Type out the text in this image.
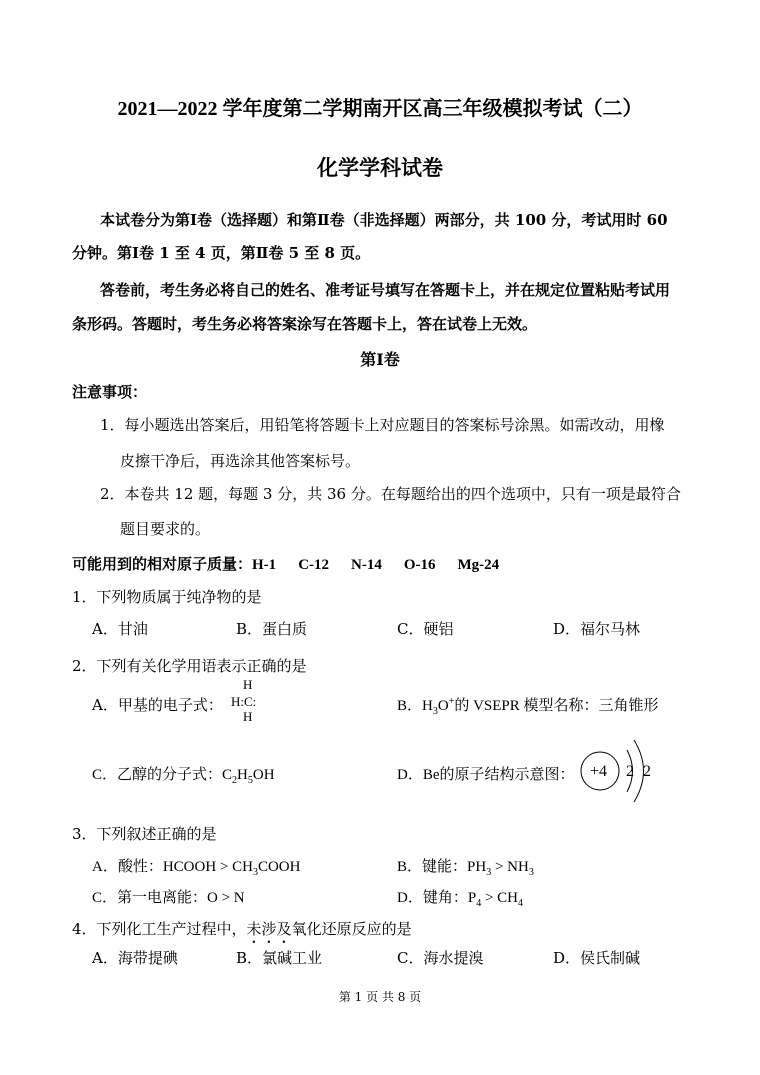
2021—2022 学年度第二学期南开区高三年级模拟考试（二）
化学学科试卷
本试卷分为第Ⅰ卷（选择题）和第Ⅱ卷（非选择题）两部分，共 100 分，考试用时 60
分钟。第Ⅰ卷 1 至 4 页，第Ⅱ卷 5 至 8 页。
答卷前，考生务必将自己的姓名、准考证号填写在答题卡上，并在规定位置粘贴考试用
条形码。答题时，考生务必将答案涂写在答题卡上，答在试卷上无效。
第Ⅰ卷
注意事项：
1．每小题选出答案后，用铅笔将答题卡上对应题目的答案标号涂黑。如需改动，用橡
皮擦干净后，再选涂其他答案标号。
2．本卷共 12 题，每题 3 分，共 36 分。在每题给出的四个选项中，只有一项是最符合
题目要求的。
可能用到的相对原子质量：H-1 C-12 N-14 O-16 Mg-24
1．下列物质属于纯净物的是
A．甘油	B．蛋白质	C．硬铝	D．福尔马林
2．下列有关化学用语表示正确的是
A．甲基的电子式：
H
H:C:
H
B．$H_3O^+$的 VSEPR 模型名称：三角锥形
C．乙醇的分子式：$C_2H_5OH$	D．Be的原子结构示意图： +4 2 2
3．下列叙述正确的是
A．酸性：HCOOH > $CH_3COOH$	B．键能：$PH_3 > NH_3$
C．第一电离能：O > N	D．键角：$P_4 > CH_4$
4．下列化工生产过程中，未涉及氧化还原反应的是
A．海带提碘	B．氯碱工业	C．海水提溴	D．侯氏制碱
第 1 页 共 8 页
